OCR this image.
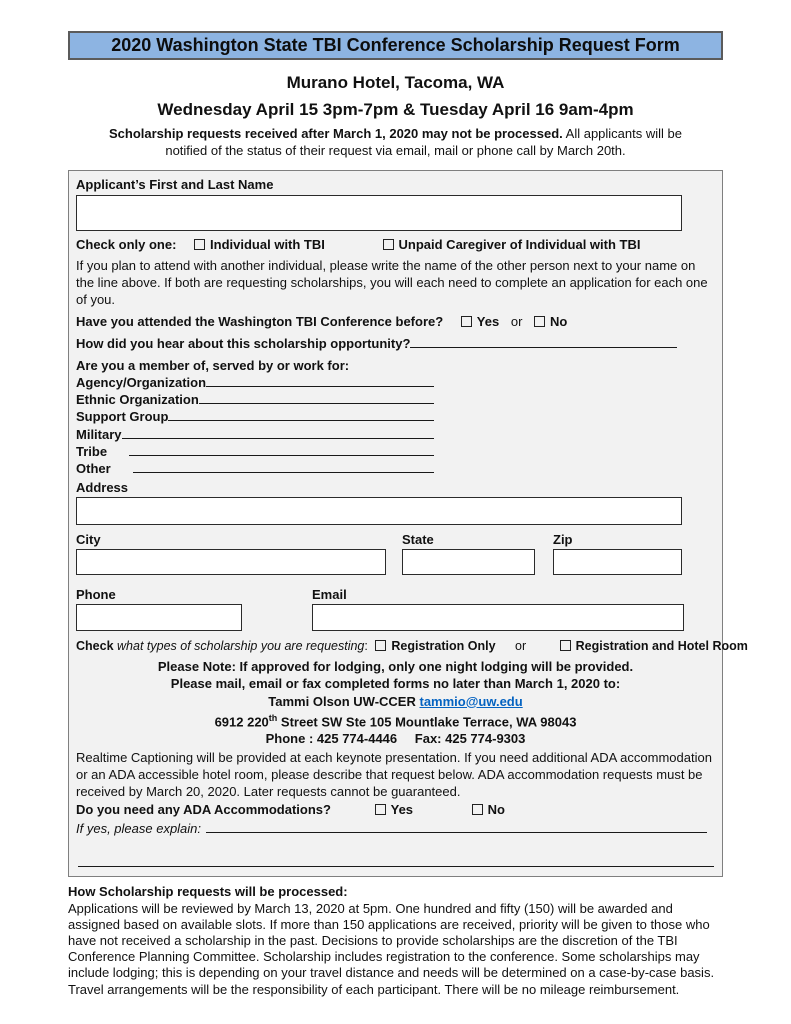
2020 Washington State TBI Conference Scholarship Request Form
Murano Hotel, Tacoma, WA
Wednesday April 15 3pm-7pm & Tuesday April 16 9am-4pm

Scholarship requests received after March 1, 2020 may not be processed. All applicants will be
notified of the status of their request via email, mail or phone call by March 20th.

Applicant’s First and Last Name
Check only one:	Individual with TBI	Unpaid Caregiver of Individual with TBI

If you plan to attend with another individual, please write the name of the other person next to your name on the line above. If both are requesting scholarships, you will each need to complete an application for each one of you.

Have you attended the Washington TBI Conference before?	Yes or No
How did you hear about this scholarship opportunity?
Are you a member of, served by or work for:
Agency/Organization
Ethnic Organization
Support Group
Military
Tribe
Other
Address
City	State	Zip
Phone	Email
Check what types of scholarship you are requesting: Registration Only or	Registration and Hotel Room
Please Note: If approved for lodging, only one night lodging will be provided.
Please mail, email or fax completed forms no later than March 1, 2020 to:
Tammi Olson UW-CCER tammio@uw.edu
6912 220th Street SW Ste 105 Mountlake Terrace, WA 98043
Phone : 425 774-4446 Fax: 425 774-9303

Realtime Captioning will be provided at each keynote presentation. If you need additional ADA accommodation or an ADA accessible hotel room, please describe that request below. ADA accommodation requests must be received by March 20, 2020. Later requests cannot be guaranteed.

Do you need any ADA Accommodations?	Yes	No
If yes, please explain:
How Scholarship requests will be processed:

Applications will be reviewed by March 13, 2020 at 5pm. One hundred and fifty (150) will be awarded and assigned based on available slots. If more than 150 applications are received, priority will be given to those who have not received a scholarship in the past. Decisions to provide scholarships are the discretion of the TBI Conference Planning Committee. Scholarship includes registration to the conference. Some scholarships may include lodging; this is depending on your travel distance and needs will be determined on a case-by-case basis. Travel arrangements will be the responsibility of each participant. There will be no mileage reimbursement.
